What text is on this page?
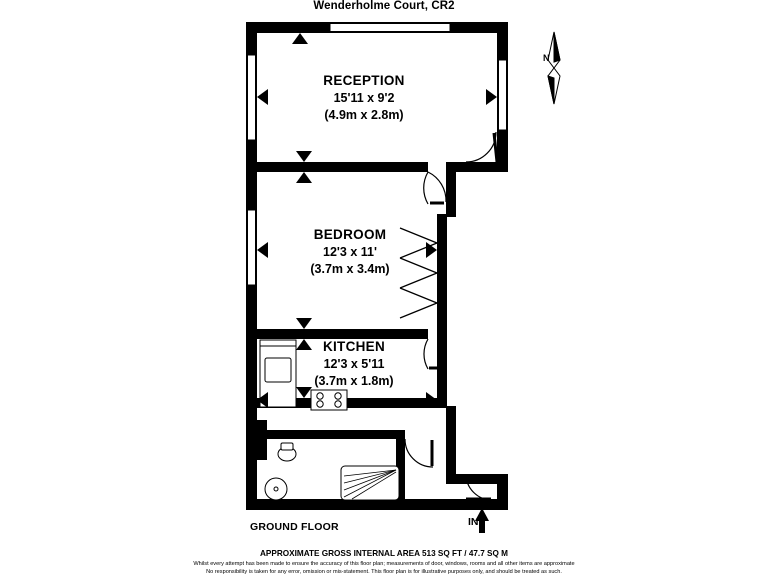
Wenderholme Court, CR2
N
RECEPTION
15'11 x 9'2
(4.9m x 2.8m)
BEDROOM
12'3 x 11'
(3.7m x 3.4m)
KITCHEN
12'3 x 5'11
(3.7m x 1.8m)
GROUND FLOOR	IN
APPROXIMATE GROSS INTERNAL AREA 513 SQ FT / 47.7 SQ M
Whilst every attempt has been made to ensure the accuracy of this floor plan; measurements of door, windows, rooms and all other items are approximate
No responsibility is taken for any error, omission or mis-statement. This floor plan is for illustrative purposes only, and should be treated as such.
